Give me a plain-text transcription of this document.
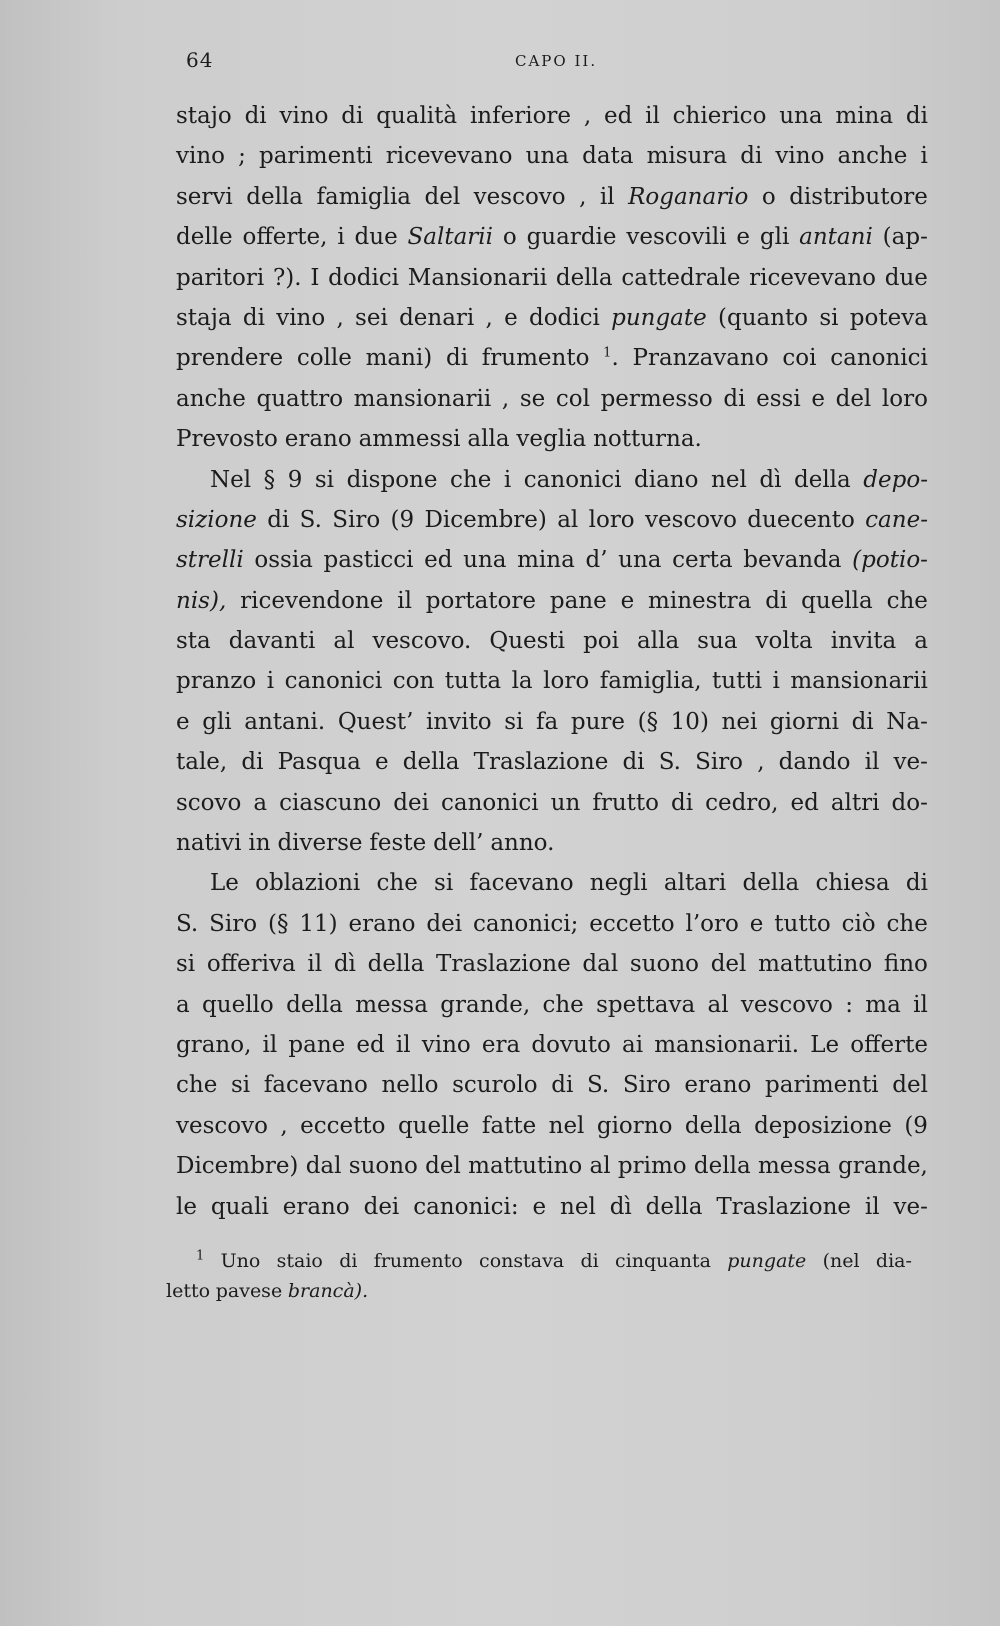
64	CAPO II.
stajo di vino di qualità inferiore , ed il chierico una mina di
vino ; parimenti ricevevano una data misura di vino anche i
servi della famiglia del vescovo , il Roganario o distributore
delle offerte, i due Saltarii o guardie vescovili e gli antani (ap-
paritori ?). I dodici Mansionarii della cattedrale ricevevano due
staja di vino , sei denari , e dodici pungate (quanto si poteva
prendere colle mani) di frumento $^1$. Pranzavano coi canonici
anche quattro mansionarii , se col permesso di essi e del loro
Prevosto erano ammessi alla veglia notturna.
Nel § 9 si dispone che i canonici diano nel dì della depo-
sizione di S. Siro (9 Dicembre) al loro vescovo duecento cane-
strelli ossia pasticci ed una mina d’ una certa bevanda (potio-
nis), ricevendone il portatore pane e minestra di quella che
sta davanti al vescovo. Questi poi alla sua volta invita a
pranzo i canonici con tutta la loro famiglia, tutti i mansionarii
e gli antani. Quest’ invito si fa pure (§ 10) nei giorni di Na-
tale, di Pasqua e della Traslazione di S. Siro , dando il ve-
scovo a ciascuno dei canonici un frutto di cedro, ed altri do-
nativi in diverse feste dell’ anno.
Le oblazioni che si facevano negli altari della chiesa di
S. Siro (§ 11) erano dei canonici; eccetto l’oro e tutto ciò che
si offeriva il dì della Traslazione dal suono del mattutino fino
a quello della messa grande, che spettava al vescovo : ma il
grano, il pane ed il vino era dovuto ai mansionarii. Le offerte
che si facevano nello scurolo di S. Siro erano parimenti del
vescovo , eccetto quelle fatte nel giorno della deposizione (9
Dicembre) dal suono del mattutino al primo della messa grande,
le quali erano dei canonici: e nel dì della Traslazione il ve-
$^1$ Uno staio di frumento constava di cinquanta pungate (nel dia-
letto pavese brancà).
